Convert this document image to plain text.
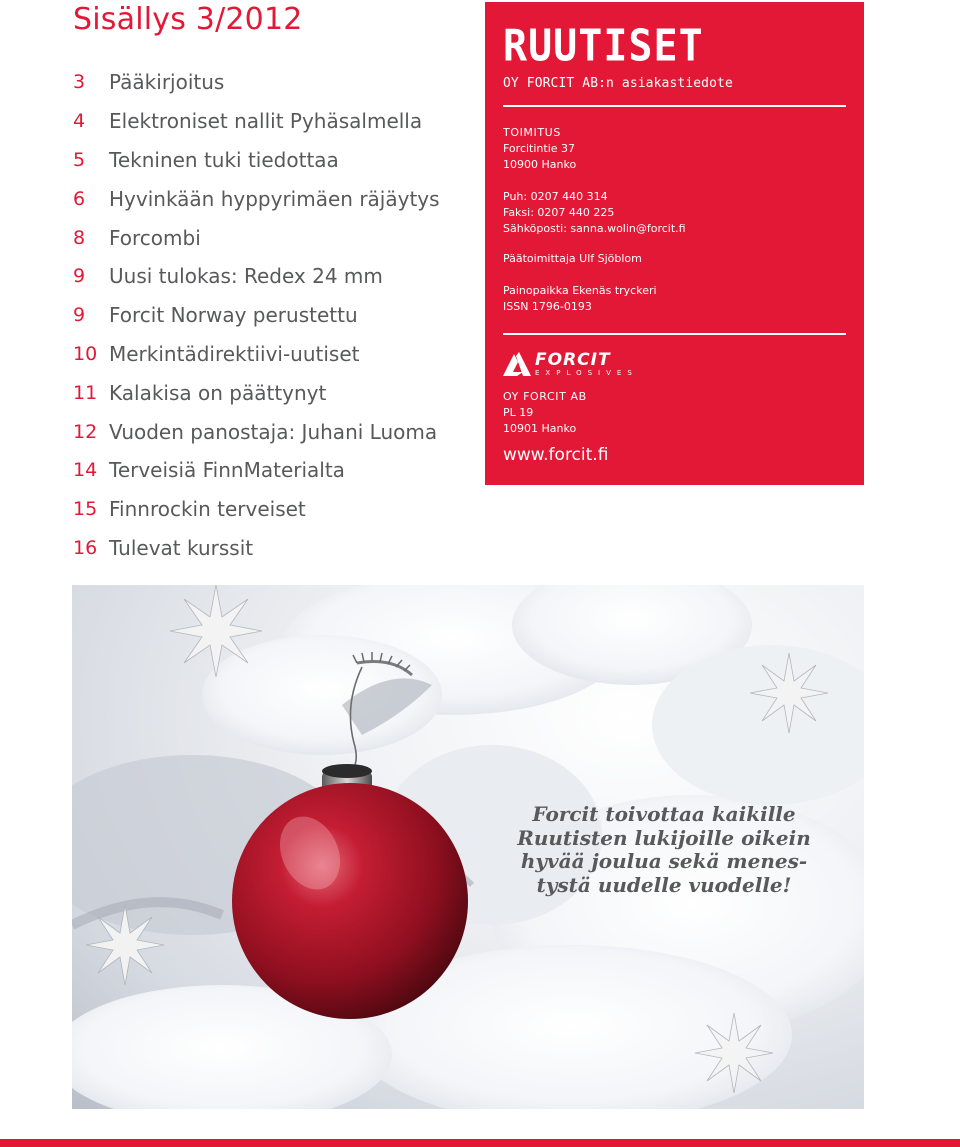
Sisällys 3/2012
3	Pääkirjoitus
4	Elektroniset nallit Pyhäsalmella
5	Tekninen tuki tiedottaa
6	Hyvinkään hyppyrimäen räjäytys
8	Forcombi
9	Uusi tulokas: Redex 24 mm
9	Forcit Norway perustettu
10 Merkintädirektiivi-uutiset
11 Kalakisa on päättynyt
12 Vuoden panostaja: Juhani Luoma
14 Terveisiä FinnMaterialta
15 Finnrockin terveiset
16 Tulevat kurssit
RUUTISET
OY FORCIT AB:n asiakastiedote
TOIMITUS
Forcitintie 37
10900 Hanko
Puh: 0207 440 314
Faksi: 0207 440 225
Sähköposti: sanna.wolin@forcit.fi
Päätoimittaja Ulf Sjöblom
Painopaikka Ekenäs tryckeri
ISSN 1796-0193
FORCIT
EXPLOSIVES
OY FORCIT AB
PL 19
10901 Hanko
www.forcit.fi
Forcit toivottaa kaikille
Ruutisten lukijoille oikein
hyvää joulua sekä menes-
tystä uudelle vuodelle!
